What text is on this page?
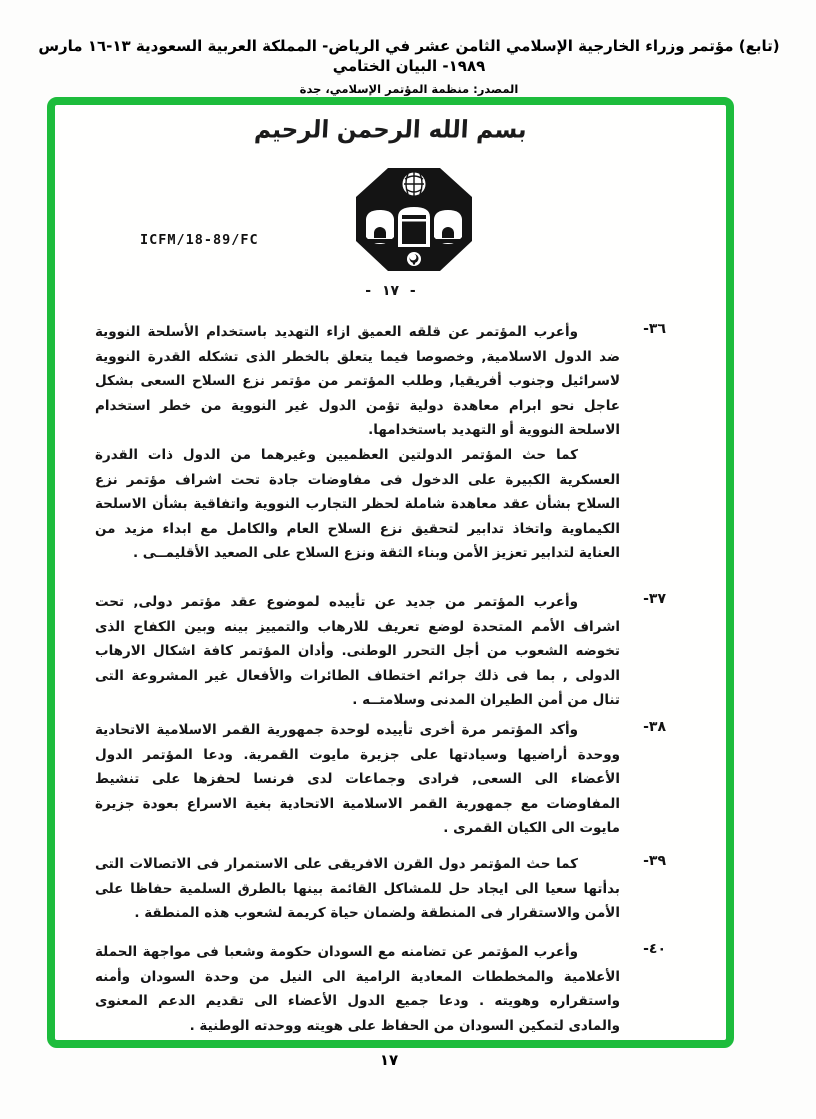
(تابع) مؤتمر وزراء الخارجية الإسلامي الثامن عشر في الرياض- المملكة العربية السعودية ١٣-١٦ مارس ١٩٨٩- البيان الختامي
المصدر: منظمة المؤتمر الإسلامي، جدة
بسم الله الرحمن الرحيم
ICFM/18-89/FC
- ١٧ -
-٣٦
وأعرب المؤتمر عن قلقه العميق ازاء التهديد باستخدام الأسلحة النووية ضد الدول الاسلامية, وخصوصا فيما يتعلق بالخطر الذى تشكله القدرة النووية لاسرائيل وجنوب أفريقيا, وطلب المؤتمر من مؤتمر نزع السلاح السعى بشكل عاجل نحو ابرام معاهدة دولية تؤمن الدول غير النووية من خطر استخدام الاسلحة النووية أو التهديد باستخدامها.
كما حث المؤتمر الدولتين العظميين وغيرهما من الدول ذات القدرة العسكرية الكبيرة على الدخول فى مفاوضات جادة تحت اشراف مؤتمر نزع السلاح بشأن عقد معاهدة شاملة لحظر التجارب النووية واتفاقية بشأن الاسلحة الكيماوية واتخاذ تدابير لتحقيق نزع السلاح العام والكامل مع ابداء مزيد من العناية لتدابير تعزيز الأمن وبناء الثقة ونزع السلاح على الصعيد الأقليمــى .
-٣٧
وأعرب المؤتمر من جديد عن تأييده لموضوع عقد مؤتمر دولى, تحت اشراف الأمم المتحدة لوضع تعريف للارهاب والتمييز بينه وبين الكفاح الذى تخوضه الشعوب من أجل التحرر الوطنى. وأدان المؤتمر كافة اشكال الارهاب الدولى , بما فى ذلك جرائم اختطاف الطائرات والأفعال غير المشروعة التى تنال من أمن الطيران المدنى وسلامتــه .
-٣٨
وأكد المؤتمر مرة أخرى تأييده لوحدة جمهورية القمر الاسلامية الاتحادية ووحدة أراضيها وسيادتها على جزيرة مايوت القمرية. ودعا المؤتمر الدول الأعضاء الى السعى, فرادى وجماعات لدى فرنسا لحفزها على تنشيط المفاوضات مع جمهورية القمر الاسلامية الاتحادية بغية الاسراع بعودة جزيرة مايوت الى الكيان القمرى .
-٣٩
كما حث المؤتمر دول القرن الافريقى على الاستمرار فى الاتصالات التى بدأتها سعيا الى ايجاد حل للمشاكل القائمة بينها بالطرق السلمية حفاظا على الأمن والاستقرار فى المنطقة ولضمان حياة كريمة لشعوب هذه المنطقة .
-٤٠
وأعرب المؤتمر عن تضامنه مع السودان حكومة وشعبا فى مواجهة الحملة الأعلامية والمخططات المعادية الرامية الى النيل من وحدة السودان وأمنه واستقراره وهويته . ودعا جميع الدول الأعضاء الى تقديم الدعم المعنوى والمادى لتمكين السودان من الحفاظ على هويته ووحدته الوطنية .
١٧
